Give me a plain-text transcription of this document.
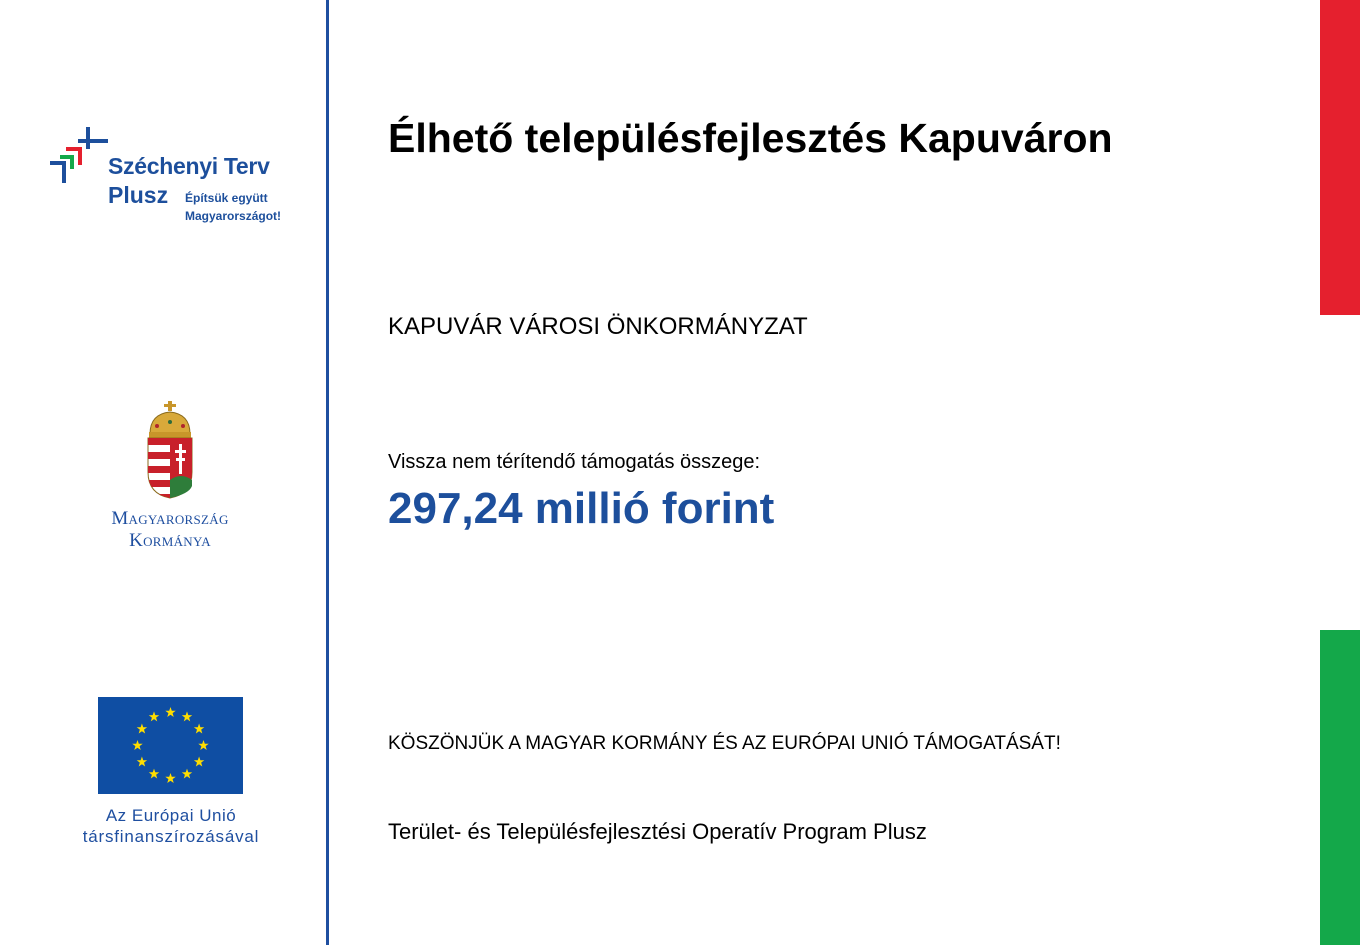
Széchenyi Terv
Plusz Építsük együtt
Magyarországot!
Magyarország
Kormánya
Az Európai Unió
társfinanszírozásával
Élhető településfejlesztés Kapuváron
KAPUVÁR VÁROSI ÖNKORMÁNYZAT
Vissza nem térítendő támogatás összege:
297,24 millió forint
KÖSZÖNJÜK A MAGYAR KORMÁNY ÉS AZ EURÓPAI UNIÓ TÁMOGATÁSÁT!
Terület- és Településfejlesztési Operatív Program Plusz
